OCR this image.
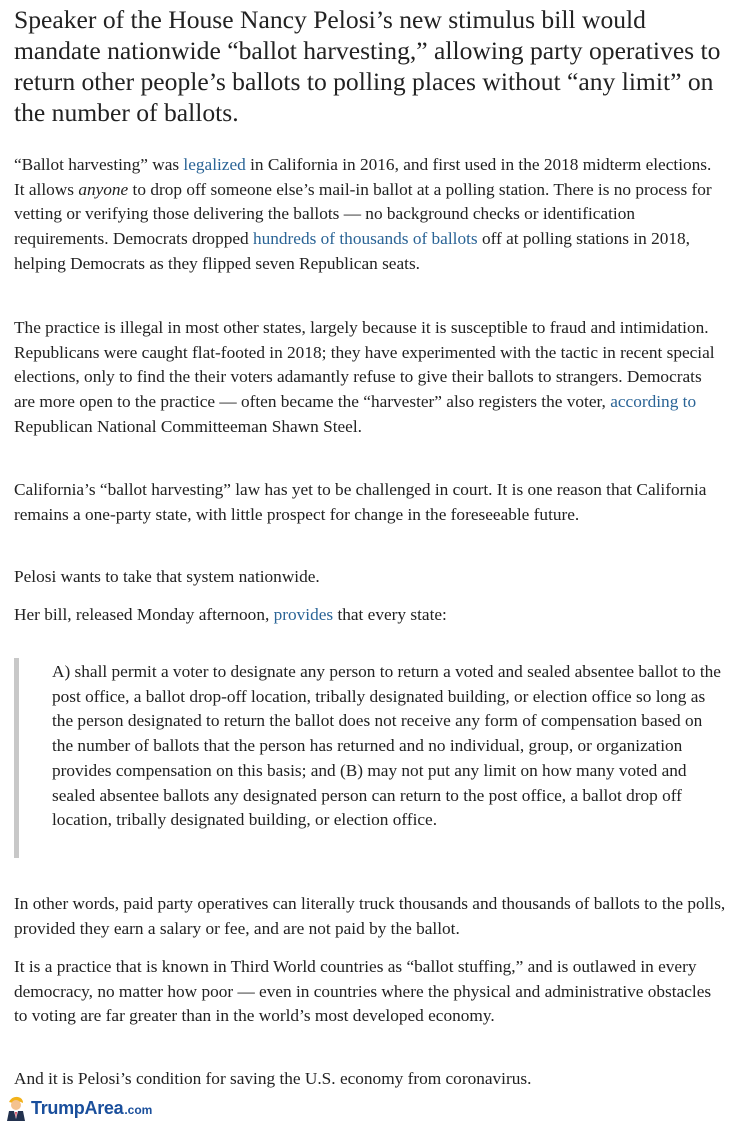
Speaker of the House Nancy Pelosi’s new stimulus bill would mandate nationwide “ballot harvesting,” allowing party operatives to return other people’s ballots to polling places without “any limit” on the number of ballots.

“Ballot harvesting” was legalized in California in 2016, and first used in the 2018 midterm elections. It allows anyone to drop off someone else’s mail-in ballot at a polling station. There is no process for vetting or verifying those delivering the ballots — no background checks or identification requirements. Democrats dropped hundreds of thousands of ballots off at polling stations in 2018, helping Democrats as they flipped seven Republican seats.

The practice is illegal in most other states, largely because it is susceptible to fraud and intimidation. Republicans were caught flat-footed in 2018; they have experimented with the tactic in recent special elections, only to find the their voters adamantly refuse to give their ballots to strangers. Democrats are more open to the practice — often became the “harvester” also registers the voter, according to Republican National Committeeman Shawn Steel.

California’s “ballot harvesting” law has yet to be challenged in court. It is one reason that California remains a one-party state, with little prospect for change in the foreseeable future.

Pelosi wants to take that system nationwide.

Her bill, released Monday afternoon, provides that every state:

A) shall permit a voter to designate any person to return a voted and sealed absentee ballot to the post office, a ballot drop-off location, tribally designated building, or election office so long as the person designated to return the ballot does not receive any form of compensation based on the number of ballots that the person has returned and no individual, group, or organization provides compensation on this basis; and (B) may not put any limit on how many voted and sealed absentee ballots any designated person can return to the post office, a ballot drop off location, tribally designated building, or election office.

In other words, paid party operatives can literally truck thousands and thousands of ballots to the polls, provided they earn a salary or fee, and are not paid by the ballot.

It is a practice that is known in Third World countries as “ballot stuffing,” and is outlawed in every democracy, no matter how poor — even in countries where the physical and administrative obstacles to voting are far greater than in the world’s most developed economy.

And it is Pelosi’s condition for saving the U.S. economy from coronavirus.

TrumpArea .com
